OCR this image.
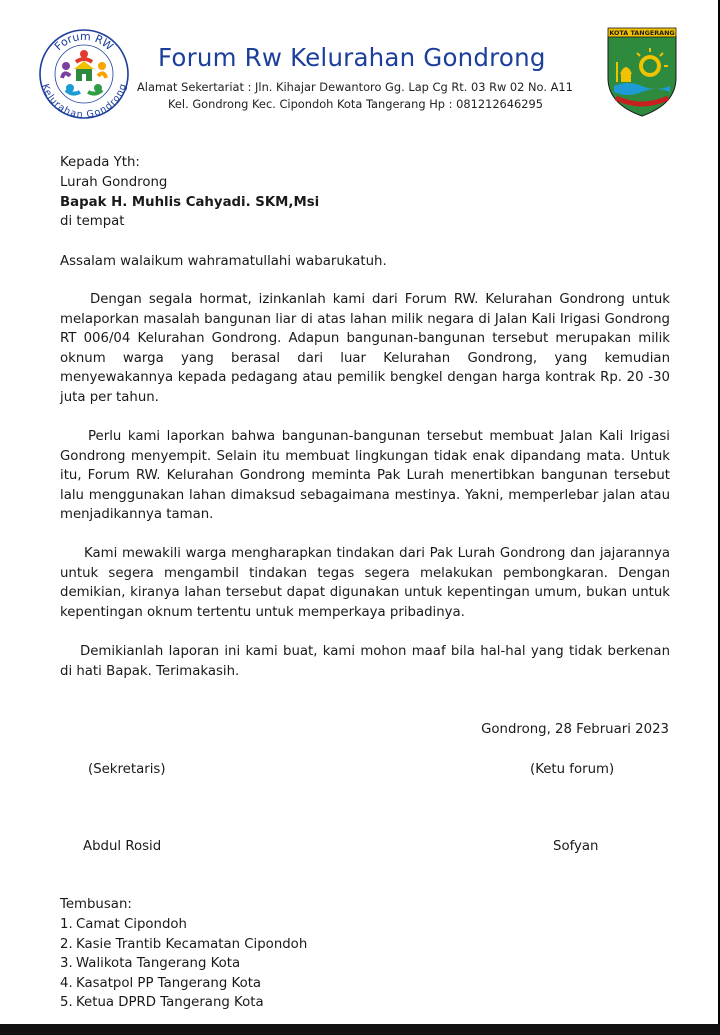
Forum RW
Kelurahan Gondrong
KOTA TANGERANG
Forum Rw Kelurahan Gondrong
Alamat Sekertariat : Jln. Kihajar Dewantoro Gg. Lap Cg Rt. 03 Rw 02 No. A11
Kel. Gondrong Kec. Cipondoh Kota Tangerang Hp : 081212646295
Kepada Yth:
Lurah Gondrong
Bapak H. Muhlis Cahyadi. SKM,Msi
di tempat
Assalam walaikum wahramatullahi wabarukatuh.
Dengan segala hormat, izinkanlah kami dari Forum RW. Kelurahan Gondrong untuk melaporkan masalah bangunan liar di atas lahan milik negara di Jalan Kali Irigasi Gondrong RT 006/04 Kelurahan Gondrong. Adapun bangunan-bangunan tersebut merupakan milik oknum warga yang berasal dari luar Kelurahan Gondrong, yang kemudian menyewakannya kepada pedagang atau pemilik bengkel dengan harga kontrak Rp. 20 -30 juta per tahun.
Perlu kami laporkan bahwa bangunan-bangunan tersebut membuat Jalan Kali Irigasi Gondrong menyempit. Selain itu membuat lingkungan tidak enak dipandang mata. Untuk itu, Forum RW. Kelurahan Gondrong meminta Pak Lurah menertibkan bangunan tersebut lalu menggunakan lahan dimaksud sebagaimana mestinya. Yakni, memperlebar jalan atau menjadikannya taman.
Kami mewakili warga mengharapkan tindakan dari Pak Lurah Gondrong dan jajarannya untuk segera mengambil tindakan tegas segera melakukan pembongkaran. Dengan demikian, kiranya lahan tersebut dapat digunakan untuk kepentingan umum, bukan untuk kepentingan oknum tertentu untuk memperkaya pribadinya.
Demikianlah laporan ini kami buat, kami mohon maaf bila hal-hal yang tidak berkenan di hati Bapak. Terimakasih.
Gondrong, 28 Februari 2023
(Sekretaris)	(Ketu forum)
Abdul Rosid	Sofyan
Tembusan:
1. Camat Cipondoh
2. Kasie Trantib Kecamatan Cipondoh
3. Walikota Tangerang Kota
4. Kasatpol PP Tangerang Kota
5. Ketua DPRD Tangerang Kota
